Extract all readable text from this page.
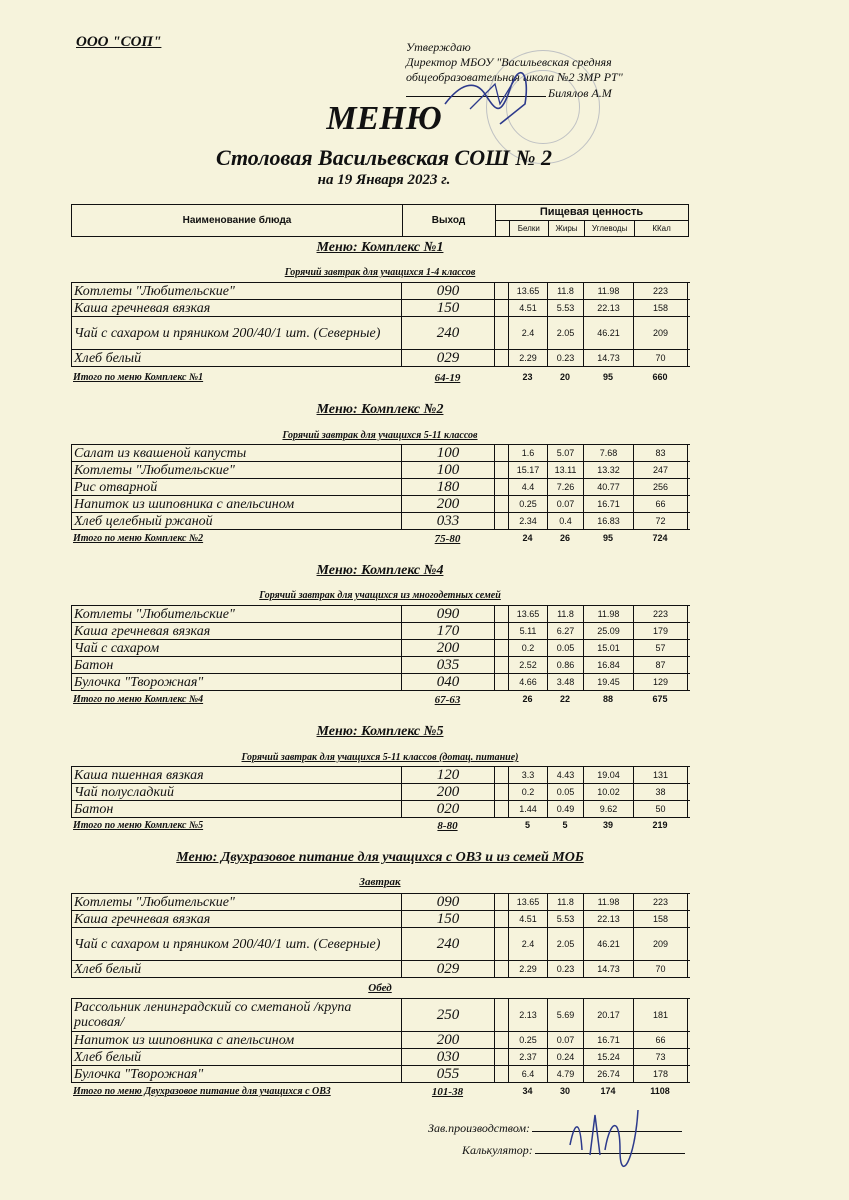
ООО "СОП"	Утверждаю
Директор МБОУ "Васильевская средняя
общеобразовательная школа №2 ЗМР РТ"
Билялов А.М
МЕНЮ
Столовая Васильевская СОШ № 2
на 19 Января 2023 г.
Наименование блюда	Выход
Пищевая ценность
Белки	Жиры	Углеводы	ККал
Меню: Комплекс №1
Горячий завтрак для учащихся 1-4 классов
Котлеты "Любительские"	090	13.65	11.8	11.98	223
Каша гречневая вязкая	150	4.51	5.53	22.13	158
Чай с сахаром и пряником 200/40/1 шт. (Северные)	240	2.4	2.05	46.21	209
Хлеб белый	029	2.29	0.23	14.73	70
Итого по меню Комплекс №1	64-19	23	20	95	660
Меню: Комплекс №2
Горячий завтрак для учащихся 5-11 классов
Салат из квашеной капусты	100	1.6	5.07	7.68	83
Котлеты "Любительские"	100	15.17	13.11	13.32	247
Рис отварной	180	4.4	7.26	40.77	256
Напиток из шиповника с апельсином	200	0.25	0.07	16.71	66
Хлеб целебный ржаной	033	2.34	0.4	16.83	72
Итого по меню Комплекс №2	75-80	24	26	95	724
Меню: Комплекс №4
Горячий завтрак для учащихся из многодетных семей
Котлеты "Любительские"	090	13.65	11.8	11.98	223
Каша гречневая вязкая	170	5.11	6.27	25.09	179
Чай с сахаром	200	0.2	0.05	15.01	57
Батон	035	2.52	0.86	16.84	87
Булочка "Творожная"	040	4.66	3.48	19.45	129
Итого по меню Комплекс №4	67-63	26	22	88	675
Меню: Комплекс №5
Горячий завтрак для учащихся 5-11 классов (дотац. питание)
Каша пшенная вязкая	120	3.3	4.43	19.04	131
Чай полусладкий	200	0.2	0.05	10.02	38
Батон	020	1.44	0.49	9.62	50
Итого по меню Комплекс №5	8-80	5	5	39	219
Меню: Двухразовое питание для учащихся с ОВЗ и из семей МОБ
Завтрак
Котлеты "Любительские"	090	13.65	11.8	11.98	223
Каша гречневая вязкая	150	4.51	5.53	22.13	158
Чай с сахаром и пряником 200/40/1 шт. (Северные)	240	2.4	2.05	46.21	209
Хлеб белый	029	2.29	0.23	14.73	70
Обед
Рассольник ленинградский со сметаной /крупа рисовая/	250	2.13	5.69	20.17	181
Напиток из шиповника с апельсином	200	0.25	0.07	16.71	66
Хлеб белый	030	2.37	0.24	15.24	73
Булочка "Творожная"	055	6.4	4.79	26.74	178
Итого по меню Двухразовое питание для учащихся с ОВЗ	101-38	34	30	174	1108
Зав.производством:
Калькулятор:
